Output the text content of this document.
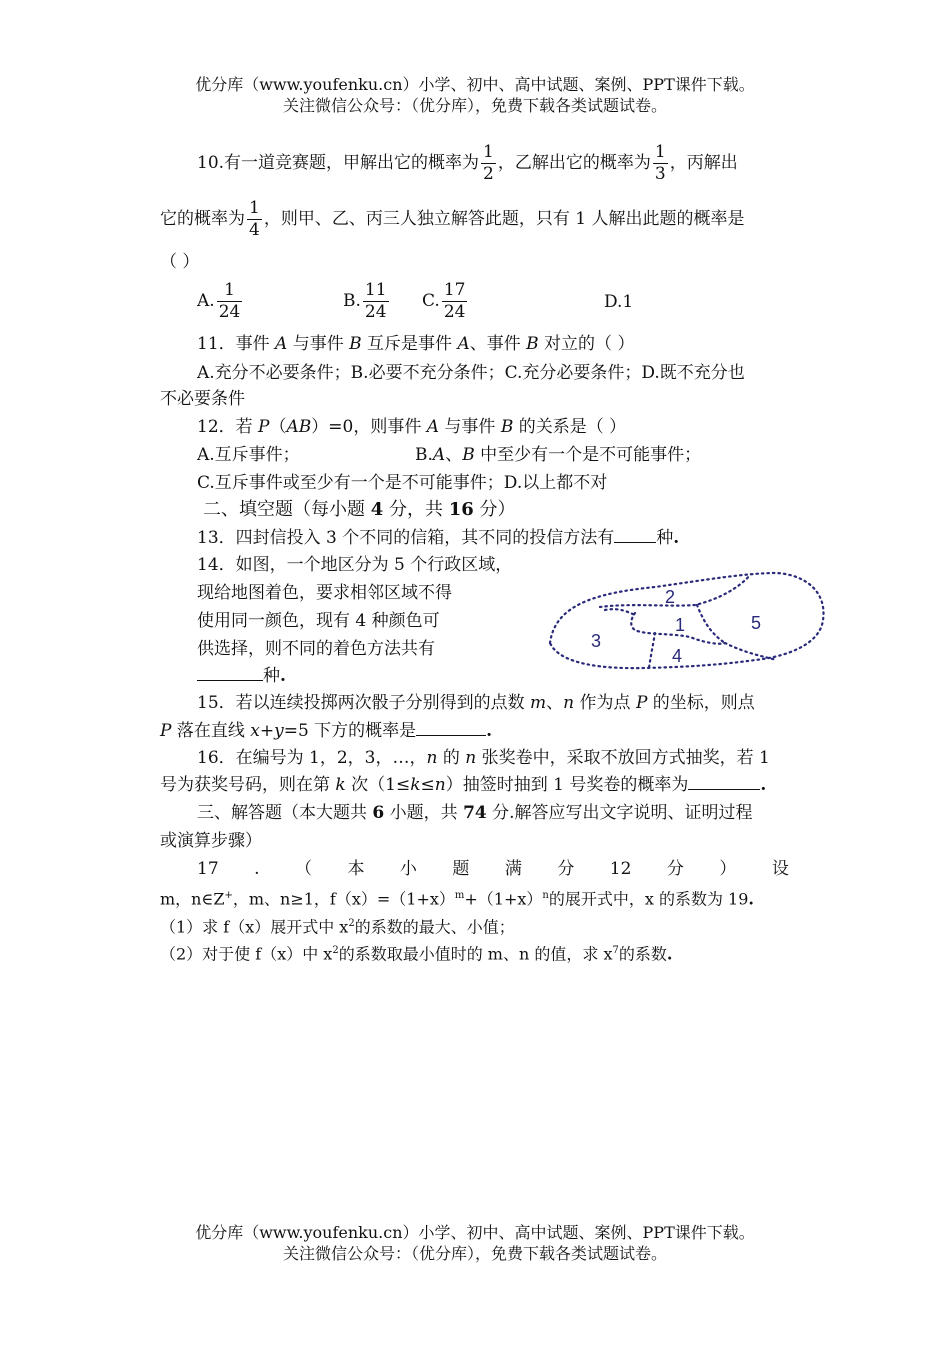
优分库（www.youfenku.cn）小学、初中、高中试题、案例、PPT课件下载。
关注微信公众号：（优分库），免费下载各类试题试卷。
10.有一道竞赛题，甲解出它的概率为 $\frac{1}{2}$ ，乙解出它的概率为 $\frac{1}{3}$ ，丙解出
它的概率为 $\frac{1}{4}$ ，则甲、乙、丙三人独立解答此题，只有 1 人解出此题的概率是
（ ）
A. $\frac{1}{24}$	B. $\frac{11}{24} C$. $\frac{17}{24}$	D.1
11．事件 A 与事件 B 互斥是事件 A、事件 B 对立的（ ）
A.充分不必要条件；B.必要不充分条件；C.充分必要条件；D.既不充分也
不必要条件
12．若 P（AB）=0，则事件 A 与事件 B 的关系是（ ）
A.互斥事件；	B.A、B 中至少有一个是不可能事件；
C.互斥事件或至少有一个是不可能事件；D.以上都不对
二、填空题（每小题 4 分，共 16 分）
13．四封信投入 3 个不同的信箱，其不同的投信方法有 种.
14．如图，一个地区分为 5 个行政区域，
现给地图着色，要求相邻区域不得
使用同一颜色，现有 4 种颜色可
供选择，则不同的着色方法共有
种.
2
1	5
3
4
15．若以连续投掷两次骰子分别得到的点数 m、n 作为点 P 的坐标，则点
P 落在直线 x+y=5 下方的概率是	.
16．在编号为 1，2，3，…，n 的 n 张奖卷中，采取不放回方式抽奖，若 1
号为获奖号码，则在第 k 次（1≤k≤n）抽签时抽到 1 号奖卷的概率为	.
三、解答题（本大题共 6 小题，共 74 分.解答应写出文字说明、证明过程
或演算步骤）
17 . （ 本 小 题 满 分 12 分 ） 设
m，n∈Z+，m、n≥1，$f(x)=(1+x)^m+(1+x)^n$的展开式中，x 的系数为 19.
（1）求 f（x）展开式中 $x^2$的系数的最大、小值；
（2）对于使 f（x）中 $x^2$的系数取最小值时的 m、n 的值，求 $x^7$的系数.
优分库（www.youfenku.cn）小学、初中、高中试题、案例、PPT课件下载。
关注微信公众号：（优分库），免费下载各类试题试卷。
